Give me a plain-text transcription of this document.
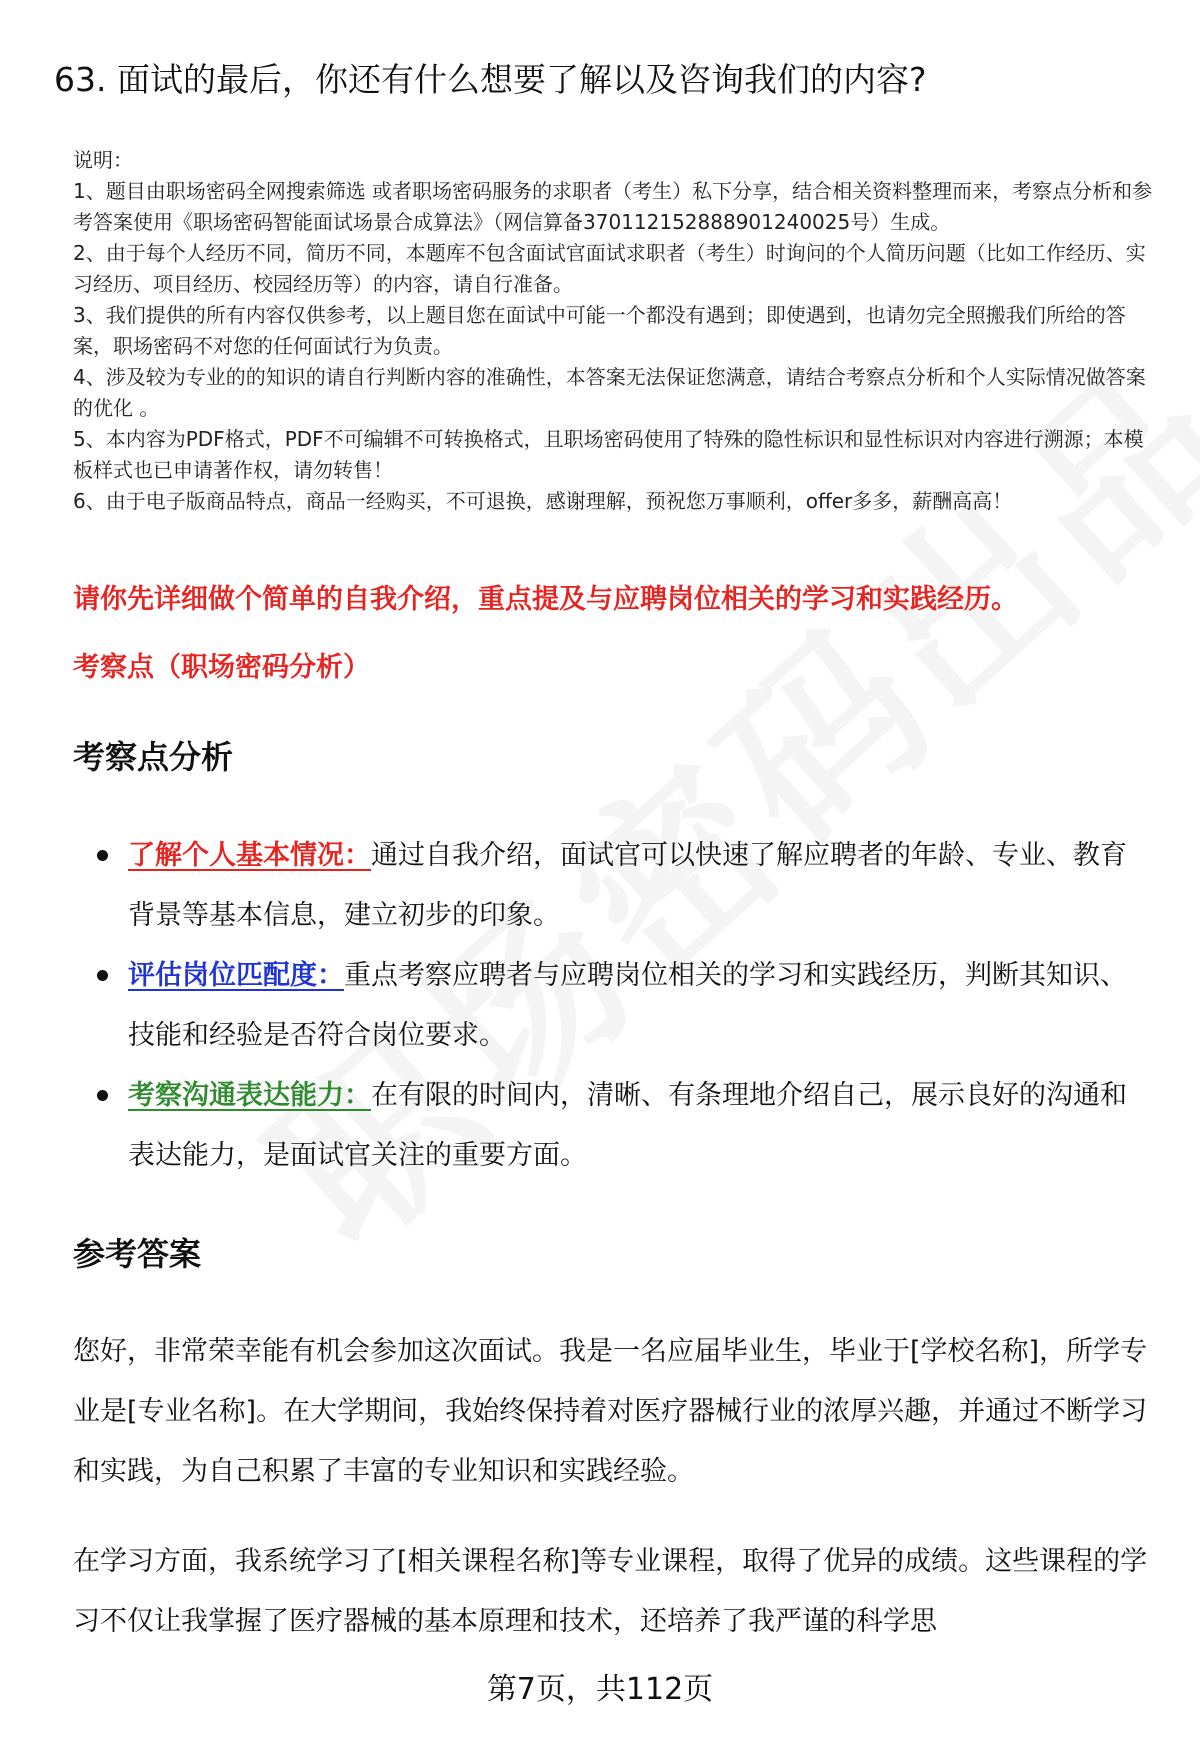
63. 面试的最后，你还有什么想要了解以及咨询我们的内容?

说明：

1、题目由职场密码全网搜索筛选 或者职场密码服务的求职者（考生）私下分享，结合相关资料整理而来，考察点分析和参考答案使用《职场密码智能面试场景合成算法》（网信算备370112152888901240025号）生成。

2、由于每个人经历不同，简历不同，本题库不包含面试官面试求职者（考生）时询问的个人简历问题（比如工作经历、实习经历、项目经历、校园经历等）的内容，请自行准备。

3、我们提供的所有内容仅供参考，以上题目您在面试中可能一个都没有遇到；即使遇到，也请勿完全照搬我们所给的答案，职场密码不对您的任何面试行为负责。

4、涉及较为专业的的知识的请自行判断内容的准确性，本答案无法保证您满意，请结合考察点分析和个人实际情况做答案的优化 。

5、本内容为PDF格式，PDF不可编辑不可转换格式，且职场密码使用了特殊的隐性标识和显性标识对内容进行溯源；本模板样式也已申请著作权，请勿转售！

6、由于电子版商品特点，商品一经购买，不可退换，感谢理解，预祝您万事顺利，offer多多，薪酬高高！

请你先详细做个简单的自我介绍，重点提及与应聘岗位相关的学习和实践经历。
考察点（职场密码分析）
考察点分析
了解个人基本情况：通过自我介绍，面试官可以快速了解应聘者的年龄、专业、教育背景等基本信息，建立初步的印象。
评估岗位匹配度：重点考察应聘者与应聘岗位相关的学习和实践经历，判断其知识、技能和经验是否符合岗位要求。
考察沟通表达能力：在有限的时间内，清晰、有条理地介绍自己，展示良好的沟通和表达能力，是面试官关注的重要方面。
参考答案

您好，非常荣幸能有机会参加这次面试。我是一名应届毕业生，毕业于[学校名称]，所学专业是[专业名称]。在大学期间，我始终保持着对医疗器械行业的浓厚兴趣，并通过不断学习和实践，为自己积累了丰富的专业知识和实践经验。

在学习方面，我系统学习了[相关课程名称]等专业课程，取得了优异的成绩。这些课程的学习不仅让我掌握了医疗器械的基本原理和技术，还培养了我严谨的科学思

第7页，共112页
